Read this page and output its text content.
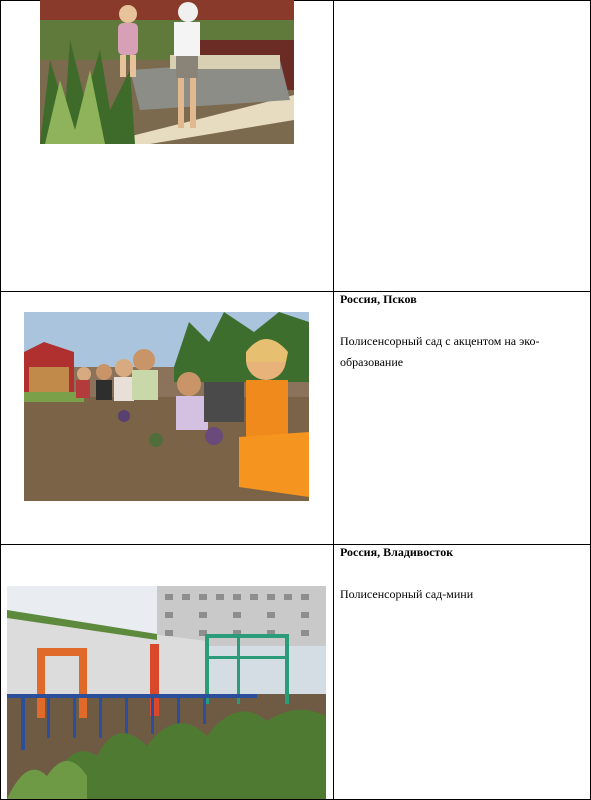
Россия, Псков
Полисенсорный сад с акцентом на эко-образование
Россия, Владивосток
Полисенсорный сад-мини
